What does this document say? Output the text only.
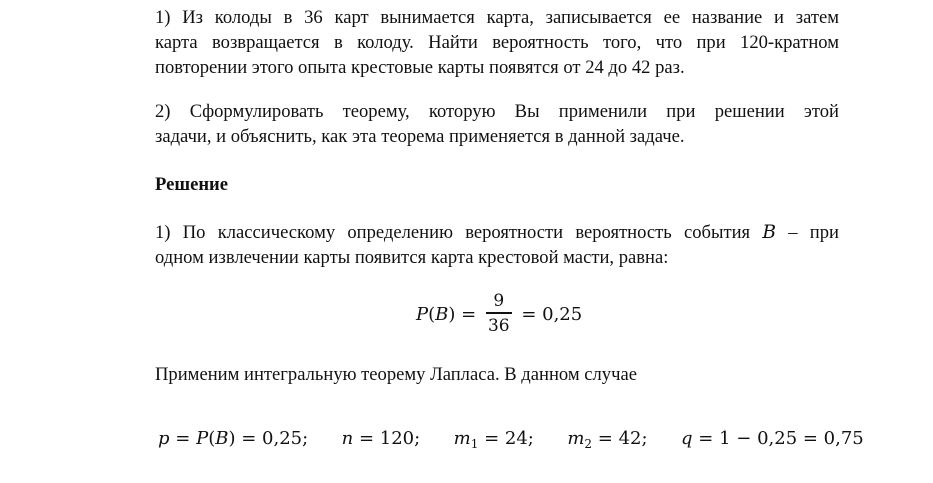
1) Из колоды в 36 карт вынимается карта, записывается ее название и затем
карта возвращается в колоду. Найти вероятность того, что при 120-кратном
повторении этого опыта крестовые карты появятся от 24 до 42 раз.

2) Сформулировать теорему, которую Вы применили при решении этой
задачи, и объяснить, как эта теорема применяется в данной задаче.

Решение

1) По классическому определению вероятности вероятность события B – при
одном извлечении карты появится карта крестовой масти, равна:

P ( B ) = $\frac{9}{36} = 0,25$

Применим интегральную теорему Лапласа. В данном случае

p = P(B) = 0,25; n = 120; $m_1 = 24$; $m_2 = 42$; q = 1 − 0,25 = 0,75
